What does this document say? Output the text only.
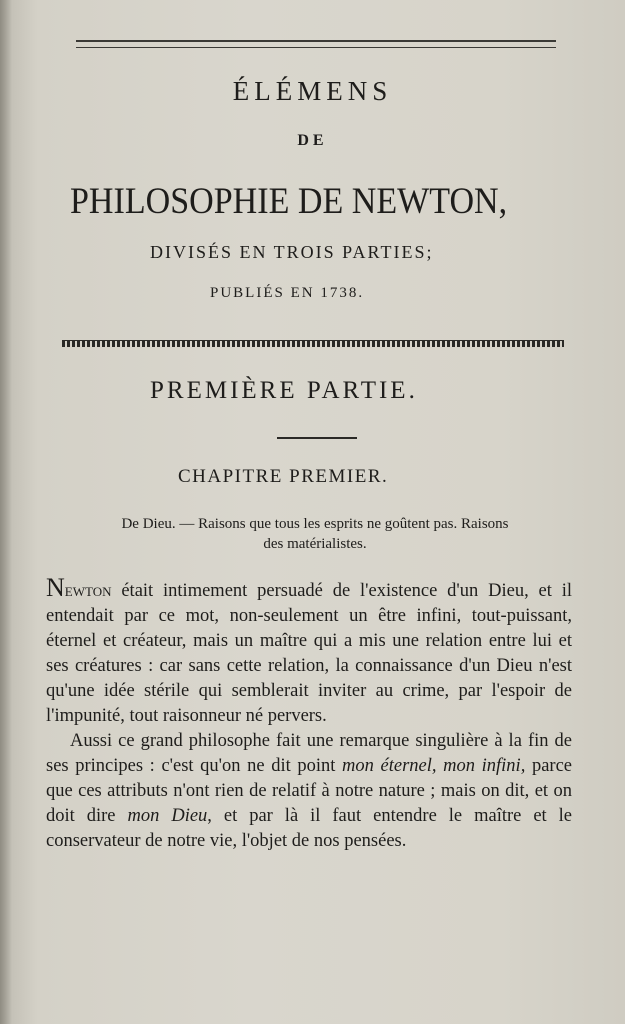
ÉLÉMENS
DE
PHILOSOPHIE DE NEWTON,
DIVISÉS EN TROIS PARTIES;
PUBLIÉS EN 1738.
PREMIÈRE PARTIE.
CHAPITRE PREMIER.
De Dieu. — Raisons que tous les esprits ne goûtent pas. Raisons
des matérialistes.

Newton était intimement persuadé de l'existence d'un Dieu, et il entendait par ce mot, non-seulement un être infini, tout-puissant, éternel et créateur, mais un maître qui a mis une relation entre lui et ses créatures : car sans cette relation, la connaissance d'un Dieu n'est qu'une idée stérile qui semblerait inviter au crime, par l'espoir de l'impunité, tout raisonneur né pervers.

Aussi ce grand philosophe fait une remarque singulière à la fin de ses principes : c'est qu'on ne dit point mon éternel, mon infini, parce que ces attributs n'ont rien de relatif à notre nature ; mais on dit, et on doit dire mon Dieu, et par là il faut entendre le maître et le conservateur de notre vie, l'objet de nos pensées.
